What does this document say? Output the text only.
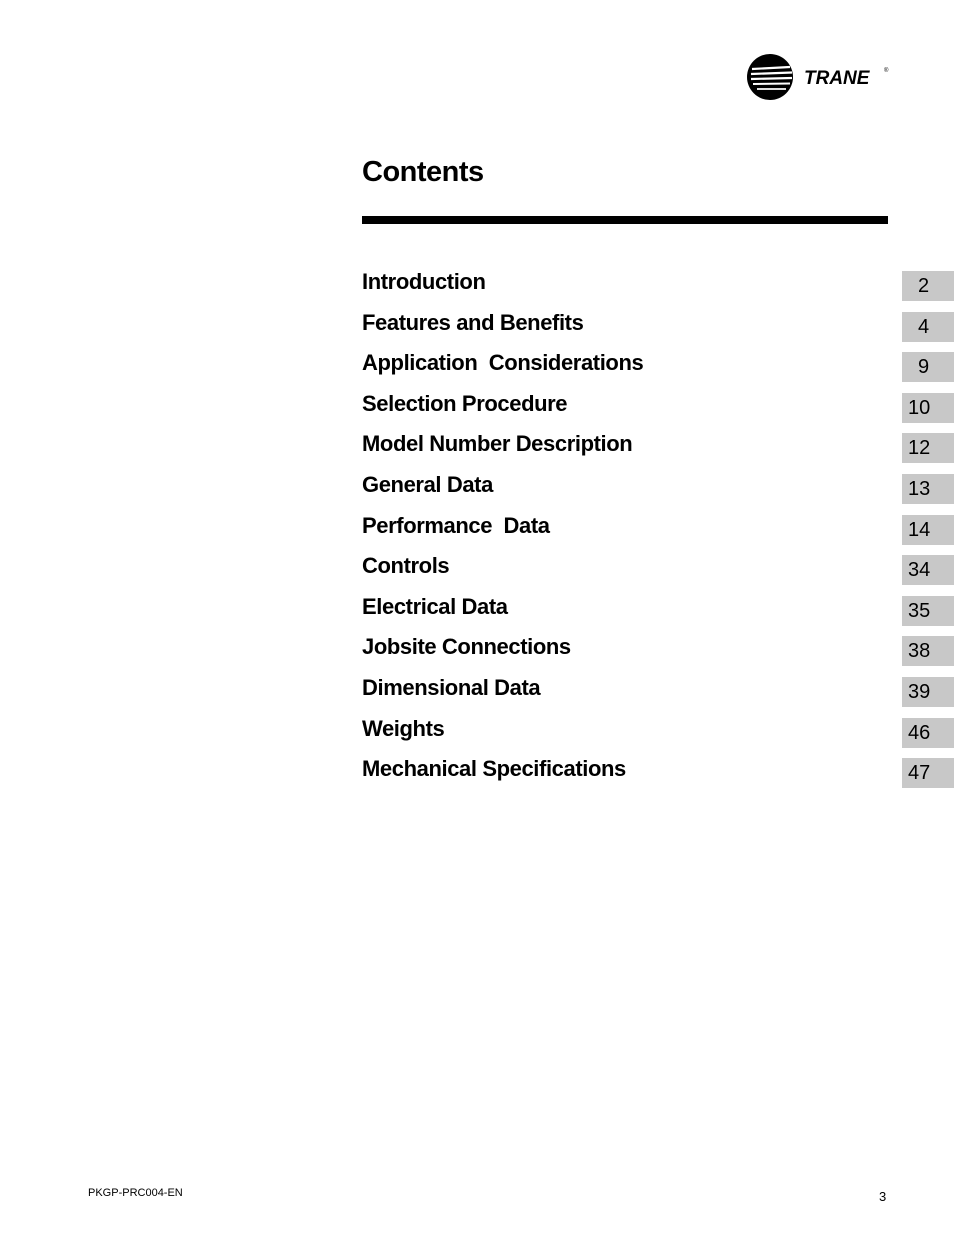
TRANE ®
Contents
Introduction	2
Features and Benefits	4
Application  Considerations	9
Selection Procedure	10
Model Number Description	12
General Data	13
Performance  Data	14
Controls	34
Electrical Data	35
Jobsite Connections	38
Dimensional Data	39
Weights	46
Mechanical Specifications	47
PKGP-PRC004-EN	3
